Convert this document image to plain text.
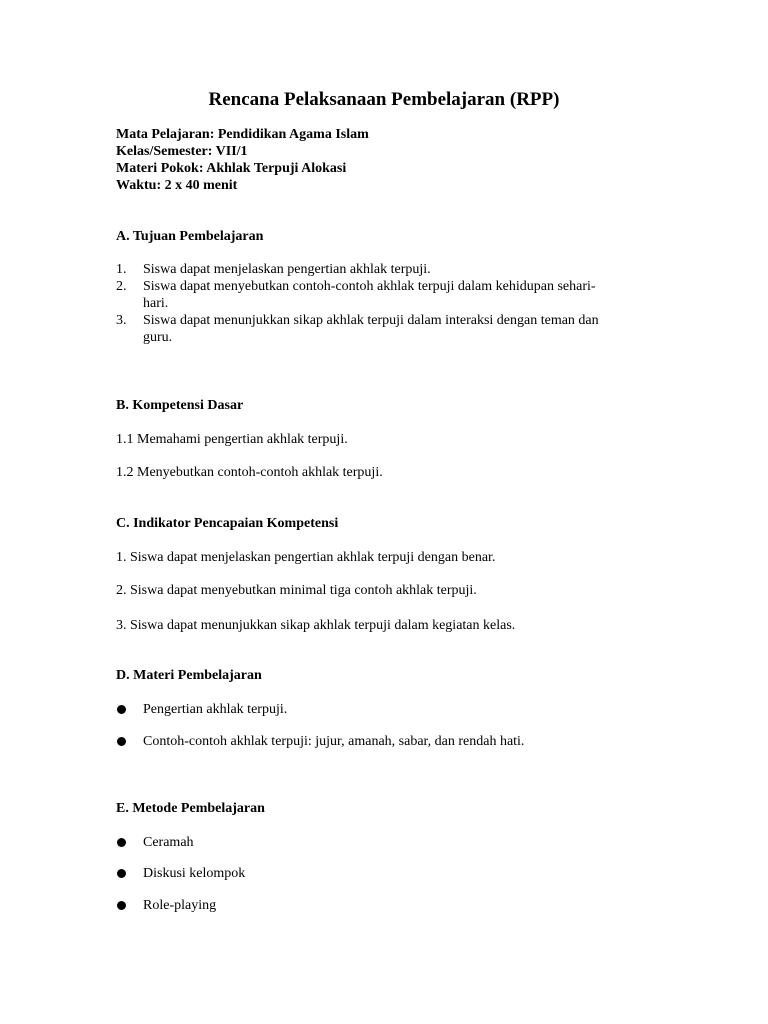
Rencana Pelaksanaan Pembelajaran (RPP)
Mata Pelajaran: Pendidikan Agama Islam
Kelas/Semester: VII/1
Materi Pokok: Akhlak Terpuji Alokasi
Waktu: 2 x 40 menit
A. Tujuan Pembelajaran
1. Siswa dapat menjelaskan pengertian akhlak terpuji.
2. Siswa dapat menyebutkan contoh-contoh akhlak terpuji dalam kehidupan sehari-
hari.
3. Siswa dapat menunjukkan sikap akhlak terpuji dalam interaksi dengan teman dan
guru.
B. Kompetensi Dasar
1.1 Memahami pengertian akhlak terpuji.
1.2 Menyebutkan contoh-contoh akhlak terpuji.
C. Indikator Pencapaian Kompetensi
1. Siswa dapat menjelaskan pengertian akhlak terpuji dengan benar.
2. Siswa dapat menyebutkan minimal tiga contoh akhlak terpuji.
3. Siswa dapat menunjukkan sikap akhlak terpuji dalam kegiatan kelas.
D. Materi Pembelajaran
Pengertian akhlak terpuji.
Contoh-contoh akhlak terpuji: jujur, amanah, sabar, dan rendah hati.
E. Metode Pembelajaran
Ceramah
Diskusi kelompok
Role-playing
